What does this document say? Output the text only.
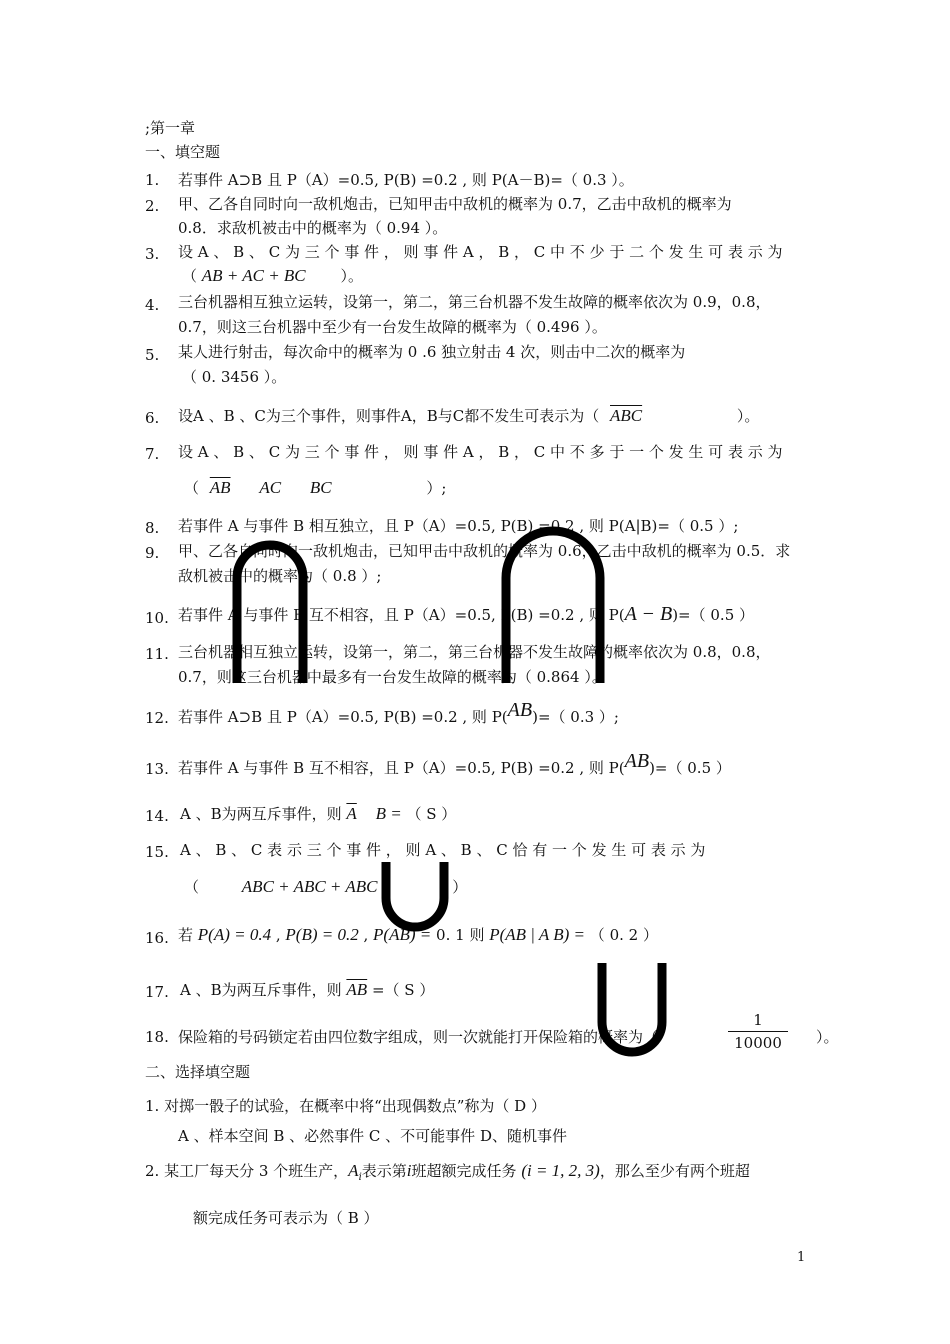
;第一章
一、填空题
1. 若事件 A⊃B 且 P（A）=0.5, P(B) =0.2 , 则 P(A－B)=（ 0.3 ）。
2. 甲、乙各自同时向一敌机炮击，已知甲击中敌机的概率为 0.7，乙击中敌机的概率为
0.8．求敌机被击中的概率为（ 0.94 ）。
3. 设 A 、 B 、 C 为 三 个 事 件 ， 则 事 件 A ， B ， C 中 不 少 于 二 个 发 生 可 表 示 为
（ AB + AC + BC ）。
4. 三台机器相互独立运转，设第一，第二，第三台机器不发生故障的概率依次为 0.9，0.8，
0.7，则这三台机器中至少有一台发生故障的概率为（ 0.496 ）。
5. 某人进行射击，每次命中的概率为 0 .6 独立射击 4 次，则击中二次的概率为
（ 0. 3456 ）。
6. 设A 、B 、C为三个事件，则事件A，B与C都不发生可表示为（ $\overline{ABC}$	）。
7. 设 A 、 B 、 C 为 三 个 事 件 ， 则 事 件 A ， B ， C 中 不 多 于 一 个 发 生 可 表 示 为
（ $\overline{AB}$ AC BC	）;
8. 若事件 A 与事件 B 相互独立，且 P（A）=0.5, P(B) =0.2 , 则 P(A|B)=（ 0.5 ）;
9. 甲、乙各自同时向一敌机炮击，已知甲击中敌机的概率为 0.6，乙击中敌机的概率为 0.5．求
敌机被击中的概率为（ 0.8 ）;
10. 若事件 A 与事件 B 互不相容，且 P（A）=0.5, P(B) =0.2 , 则 P(A − B)=（ 0.5 ）
11. 三台机器相互独立运转，设第一，第二，第三台机器不发生故障的概率依次为 0.8，0.8，
0.7，则这三台机器中最多有一台发生故障的概率为（ 0.864 ）。
12. 若事件 A⊃B 且 P（A）=0.5, P(B) =0.2 , 则 P(AB)=（ 0.3 ）;
13. 若事件 A 与事件 B 互不相容，且 P（A）=0.5, P(B) =0.2 , 则 P(AB)=（ 0.5 ）
14. A 、B为两互斥事件，则 $\overline{A}$ B = （ S ）
15. A 、 B 、 C 表 示 三 个 事 件 ， 则 A 、 B 、 C 恰 有 一 个 发 生 可 表 示 为
（	ABC + ABC + ABC	）
16. 若 P(A) = 0.4 , P(B) = 0.2 , P(AB) = 0. 1 则 P(AB | A B) = （ 0. 2 ）
17. A 、B为两互斥事件，则 $\overline{AB}$ =（ S ）
18. 保险箱的号码锁定若由四位数字组成，则一次就能打开保险箱的概率为（
1
10000	）。
二、选择填空题
1. 对掷一骰子的试验，在概率中将“出现偶数点”称为（ D ）
A 、样本空间 B 、必然事件 C 、不可能事件 D、随机事件
2. 某工厂每天分 3 个班生产，$A_i$表示第i班超额完成任务 (i = 1, 2, 3)，那么至少有两个班超
额完成任务可表示为（ B ）
1
